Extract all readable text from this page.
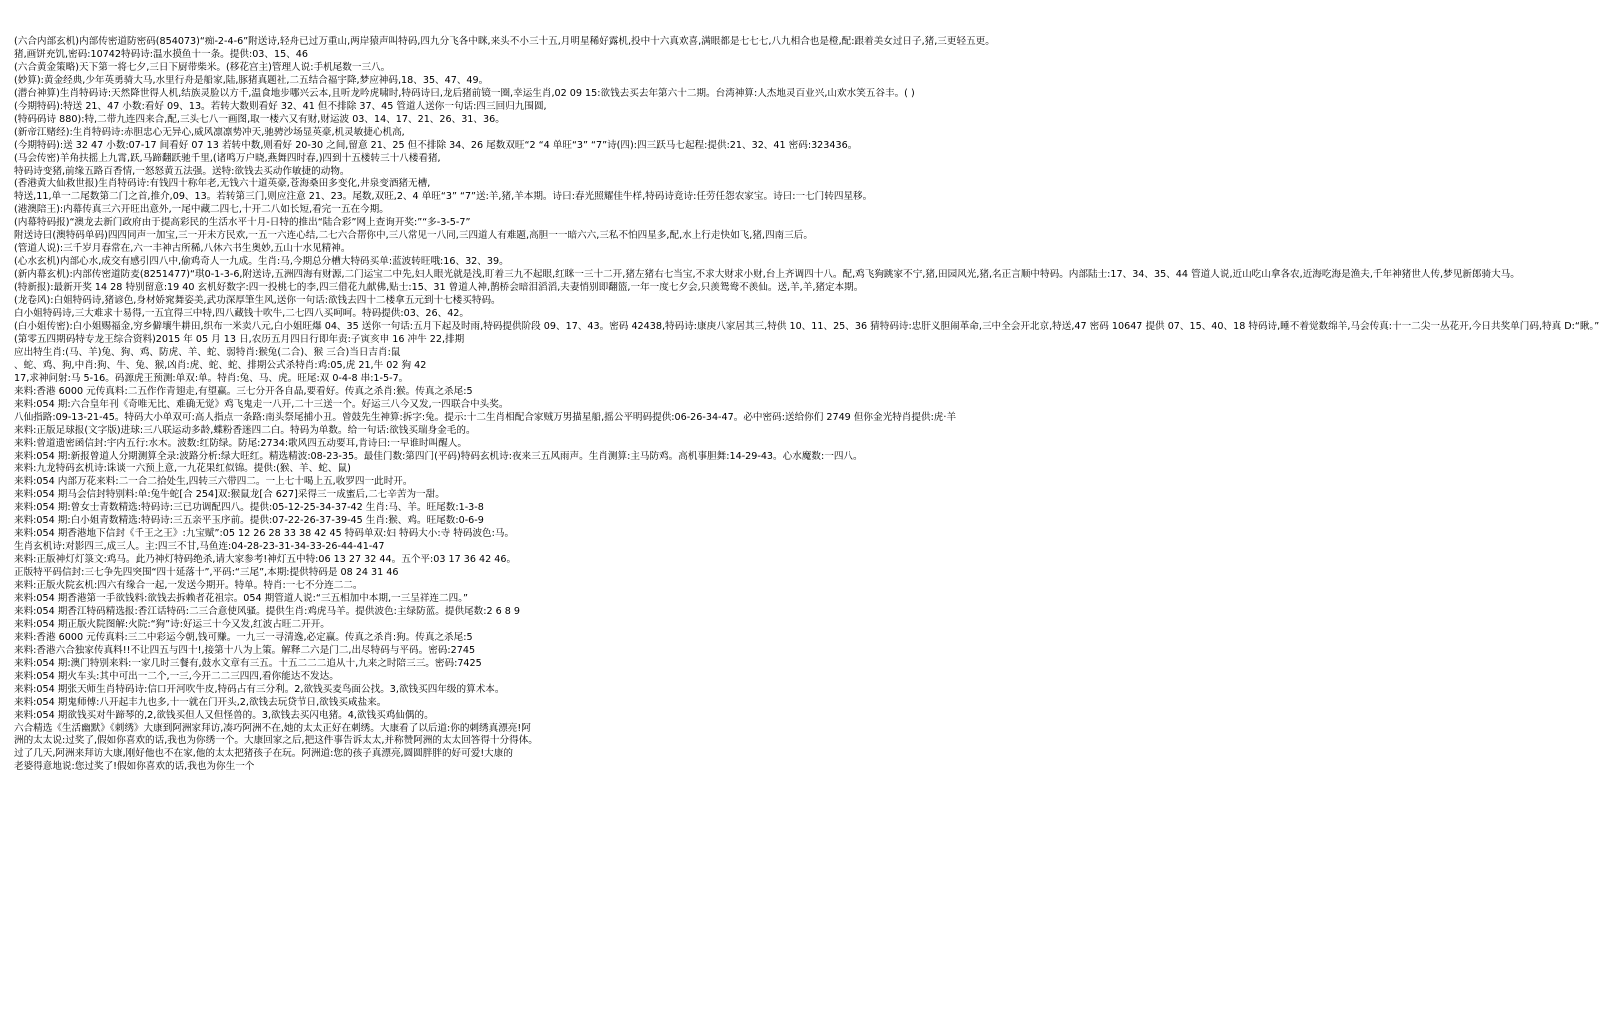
(六合内部玄机)内部传密道防密码(854073)“痴-2-4-6”附送诗,轻舟已过万重山,两岸猿声叫特码,四九分飞各中眯,来头不小三十五,月明星稀好露机,投中十六真欢喜,满眼都是七七七,八九相合也是橙,配:跟着美女过日子,猪,三更轻五更。
猪,画饼充饥,密码:10742特码诗:温水摸鱼十一条。提供:03、15、46
(六合黄金策略)天下第一将七夕,三日下厨带柴米。(移花宫主)管理人说:手机尾数一三八。
(妙算):黄金经典,少年英勇骑大马,水里行舟是船家,陆,豚猪真题社,二五结合福宇降,梦应神码,18、35、47、49。
(潜台神算)生肖特码诗:天然降世得人机,结族灵脸以方千,温食地步哪兴云本,且听龙吟虎啸时,特码诗曰,龙后猪前镜一圈,幸运生肖,02 09 15:欲钱去买去年第六十二期。台湾神算:人杰地灵百业兴,山欢水笑五谷丰。( )
(今期特码):特送 21、47 小数:看好 09、13。若转大数则看好 32、41 但不排除 37、45 管道人送你一句话:四三回归九围圆,
(特码码诗 880):特,二带九连四来合,配,三头七八一画图,取一楼六又有财,财运波 03、14、17、21、26、31、36。
(新帝江赌经):生肖特码诗:赤胆忠心无异心,威风凛凛势冲天,驰骋沙场显英豪,机灵敏捷心机高,
(今期特码):送 32 47 小数:07-17 间看好 07 13 若转中数,则看好 20-30 之间,留意 21、25 但不排除 34、26 尾数双旺“2 “4 单旺“3” “7”诗(四):四三跃马七起程:提供:21、32、41 密码:323436。
(马会传密)羊角扶摇上九霄,跃,马蹄翻跃驰千里,(诸鸣万户晓,燕舞四时春,)四到十五楼转三十八楼看猪,
特码诗变猪,前缘五路百香情,一怒怒黄五法强。送特:欲钱去买动作敏捷的动物。
(香港黄大仙救世报)生肖特码诗:有钱四十称年老,无钱六十道英豪,苍海桑田多变化,井泉变酒猪无槽,
特送,11,单一二尾数第二门之首,推介,09、13。若转第三门,则应注意 21、23。尾数,双旺,2、4 单旺“3” “7”送:羊,猪,羊本期。诗曰:春光照耀佳牛样,特码诗竟诗:任劳任怨农家宝。诗曰:一七门转四星移。
(港澳陪王):内幕传真三六开旺出意外,一尾中藏二四七,十开二八如长短,看完一五在今期。
(内幕特码报)“澳龙去新门政府由于提高彩民的生活水平十月-日特的推出“陆合彩”网上查询开奖:”“多-3-5-7”
附送诗曰(澳特码单码)四四同声一加宝,三一开未方民欢,一五一六连心结,二七六合帮你中,三八常见一八同,三四道人有难题,高胆一一暗六六,三私不怕四星多,配,水上行走快如飞,猪,四南三后。
(管道人说):三千岁月春常在,六一丰神古所稀,八休六书生奥妙,五山十水见精神。
(心水玄机)内部心水,成交有感引四八中,偷鸡奇人一九成。生肖:马,今期总分槽大特码买单:蓝波转旺哦:16、32、39。
(新内幕玄机):内部传密道防麦(8251477)“琪0-1-3-6,附送诗,五洲四海有财源,二门运宝二中先,妇人眼光就是浅,盯着三九不起眼,红眯一三十二开,猪左猪右七当宝,不求大财求小财,台上齐调四十八。配,鸡飞狗跳家不宁,猪,田园风光,猪,名正言顺中特码。内部陆士:17、34、35、44 管道人说,近山吃山拿各农,近海吃海是渔夫,千年神猪世人传,梦见新郎骑大马。
(特新报):最新开奖 14 28 特别留意:19 40 玄机好数字:四一投桃七的李,四三借花九献佛,贴士:15、31 曾道人神,鹊桥会暗泪滔滔,夫妻悄别即翻篮,一年一度七夕会,只羡鸳鸯不羡仙。送,羊,羊,猪定本期。
(龙卷风):白姐特码诗,猪谚色,身材娇窕舞姿美,武功深厚筆生风,送你一句话:欲钱去四十二楼拿五元到十七楼买特码。
白小姐特码诗,三大难求十易得,一五宜得三中特,四八藏钱十吹牛,二七四八买呵呵。特码提供:03、26、42。
(白小姐传密):白小姐赐福金,穷乡僻壤牛耕田,织布一米卖八元,白小姐旺爆 04、35 送你一句话:五月下起及时雨,特码提供阶段 09、17、43。密码 42438,特码诗:康庚八家居其三,特供 10、11、25、36 猜特码诗:忠肝义胆闹革命,三中全会开北京,特送,47 密码 10647 提供 07、15、40、18 特码诗,睡不着觉数绵羊,马会传真:十一二尖一丛花开,今日共奖单门码,特真 D:“瞅。”
(第零五四期码特专龙王综合资料)2015 年 05 月 13 日,农历五月四日行即年责:子寅亥申 16 冲牛 22,排期
应出特生肖:(马、羊)兔、狗、鸡、防虎、羊、蛇、弱特肖:猴兔(二合)、猴 三合)当日吉肖:鼠
、蛇、鸡、狗,中肖:狗、牛、兔、猴,凶肖:虎、蛇、蛇、排期公式杀特肖:鸡:05,虎 21,牛 02 狗 42
17,求神问射:马 5-16。码源虎王预测:单双:单。特肖:兔、马、虎。旺尾:双 0-4-8 串:1-5-7。
来料:香港 6000 元传真料:二五作作青翅走,有望赢。三七分开各自晶,要看好。传真之杀肖:猴。传真之杀尾:5
来料:054 期:六合皇年刊《奇唯无比、难确无觉》鸡飞鬼走一八开,二十三送一个。好运三八今又发,一四联合中头奖。
八仙指路:09-13-21-45。特码大小单双可:高人指点一条路:南头祭尾捕小丑。曾鼓先生神算:拆字:兔。提示:十二生肖相配合家贼万男描星船,摇公平明码提供:06-26-34-47。必中密码:送给你们 2749 但你金光特肖提供:虎·羊
来料:正版足球报(文字版)进球:三八联运动多龄,蝶粉香迷四二白。特码为单数。给一句话:欲钱买瑞身金毛的。
来料:曾道遗密函信封:宇内五行:水木。波数:红防绿。防尾:2734:歌风四五动要耳,肯诗曰:一早谁时叫醒人。
来料:054 期:新报曾道人分期测算全录:波路分析:绿大旺红。精选精波:08-23-35。最佳门数:第四门(平码)特码玄机诗:夜来三五风雨声。生肖测算:主马防鸡。高机事胆舞:14-29-43。心水魔数:一四八。
来料:九龙特码玄机诗:诛谈一六预上意,一九花果红似锦。提供:(猴、羊、蛇、鼠)
来料:054 内部万花来料:二一合二拾处生,四转三六带四二。一上七十喝上五,收罗四一此时开。
来料:054 期马会信封特别料:单:兔牛蛇[合 254]双:猴鼠龙[合 627]采得三一成蜜后,二七辛苦为一甜。
来料:054 期:曾女士青数精选:特码诗:三已功调配四八。提供:05-12-25-34-37-42 生肖:马、羊。旺尾数:1-3-8
来料:054 期:白小姐青数精选:特码诗:三五亲平玉序前。提供:07-22-26-37-39-45 生肖:猴、鸡。旺尾数:0-6-9
来料:054 期香港地下信封《千王之王》:九宝赋”:05 12 26 28 33 38 42 45 特码单双:妇 特码大小:寺 特码波色:马。
生肖玄机诗:对影四三,成三人。主:四三不甘,马鱼连:04-28-23-31-34-33-26-44-41-47
来料:正版神灯灯箓文:鸡马。此乃神灯特码绝杀,请大家参考!神灯五中特:06 13 27 32 44。五个平:03 17 36 42 46。
正版特平码信封:三七争先四突围“四十延落十”,平码:“三尾”,本期:提供特码是 08 24 31 46
来料:正版火院玄机:四六有缘合一起,一发送今期开。特单。特肖:一七不分连二二。
来料:054 期香港第一手欲钱料:欲钱去拆赖者花祖宗。054 期管道人说:“三五相加中本期,一三呈祥连二四。”
来料:054 期香江特码精选报:香江话特码:二三合意使风骚。提供生肖:鸡虎马羊。提供波色:主绿防蓝。提供尾数:2 6 8 9
来料:054 期正版火院图解:火院:“狗”诗:好运三十今又发,红波占旺二开开。
来料:香港 6000 元传真料:三二中彩运今朝,钱可赚。一九三一寻清逸,必定赢。传真之杀肖:狗。传真之杀尾:5
来料:香港六合独家传真料!!不让四五与四十!,接第十八为上策。解释二六是门二,出尽特码与平码。密码:2745
来料:054 期:澳门特别来料:一家几时三餐有,鼓水文章有三五。十五二二二追从十,九来之时陪三三。密码:7425
来料:054 期火车头:其中可出一二个,一三,今开二二三四四,看你能达不发达。
来料:054 期张天师生肖特码诗:信口开河吹牛皮,特码占有三分利。2,欲钱买麦鸟面公找。3,欲钱买四年级的算术本。
来料:054 期鬼师傅:八开起丰九也多,十一就在门开头,2,欲钱去玩贷节日,欲钱买咸盐来。
来料:054 期欲钱买对牛蹄琴的,2,欲钱买但人又但怪兽的。3,欲钱去买闪电猪。4,欲钱买鸡仙偶的。
六合精选《生活幽默》《刺绣》大康到阿洲家拜访,凑巧阿洲不在,她的太太正好在刺绣。大康看了以后道:你的刺绣真漂亮!阿
洲的太太说:过奖了,假如你喜欢的话,我也为你绣一个。大康回家之后,把这件事告诉太太,并称赞阿洲的太太回答得十分得体。
过了几天,阿洲来拜访大康,刚好他也不在家,他的太太把猪孩子在玩。阿洲道:您的孩子真漂亮,圆圆胖胖的好可爱!大康的
老婆得意地说:您过奖了!假如你喜欢的话,我也为你生一个
